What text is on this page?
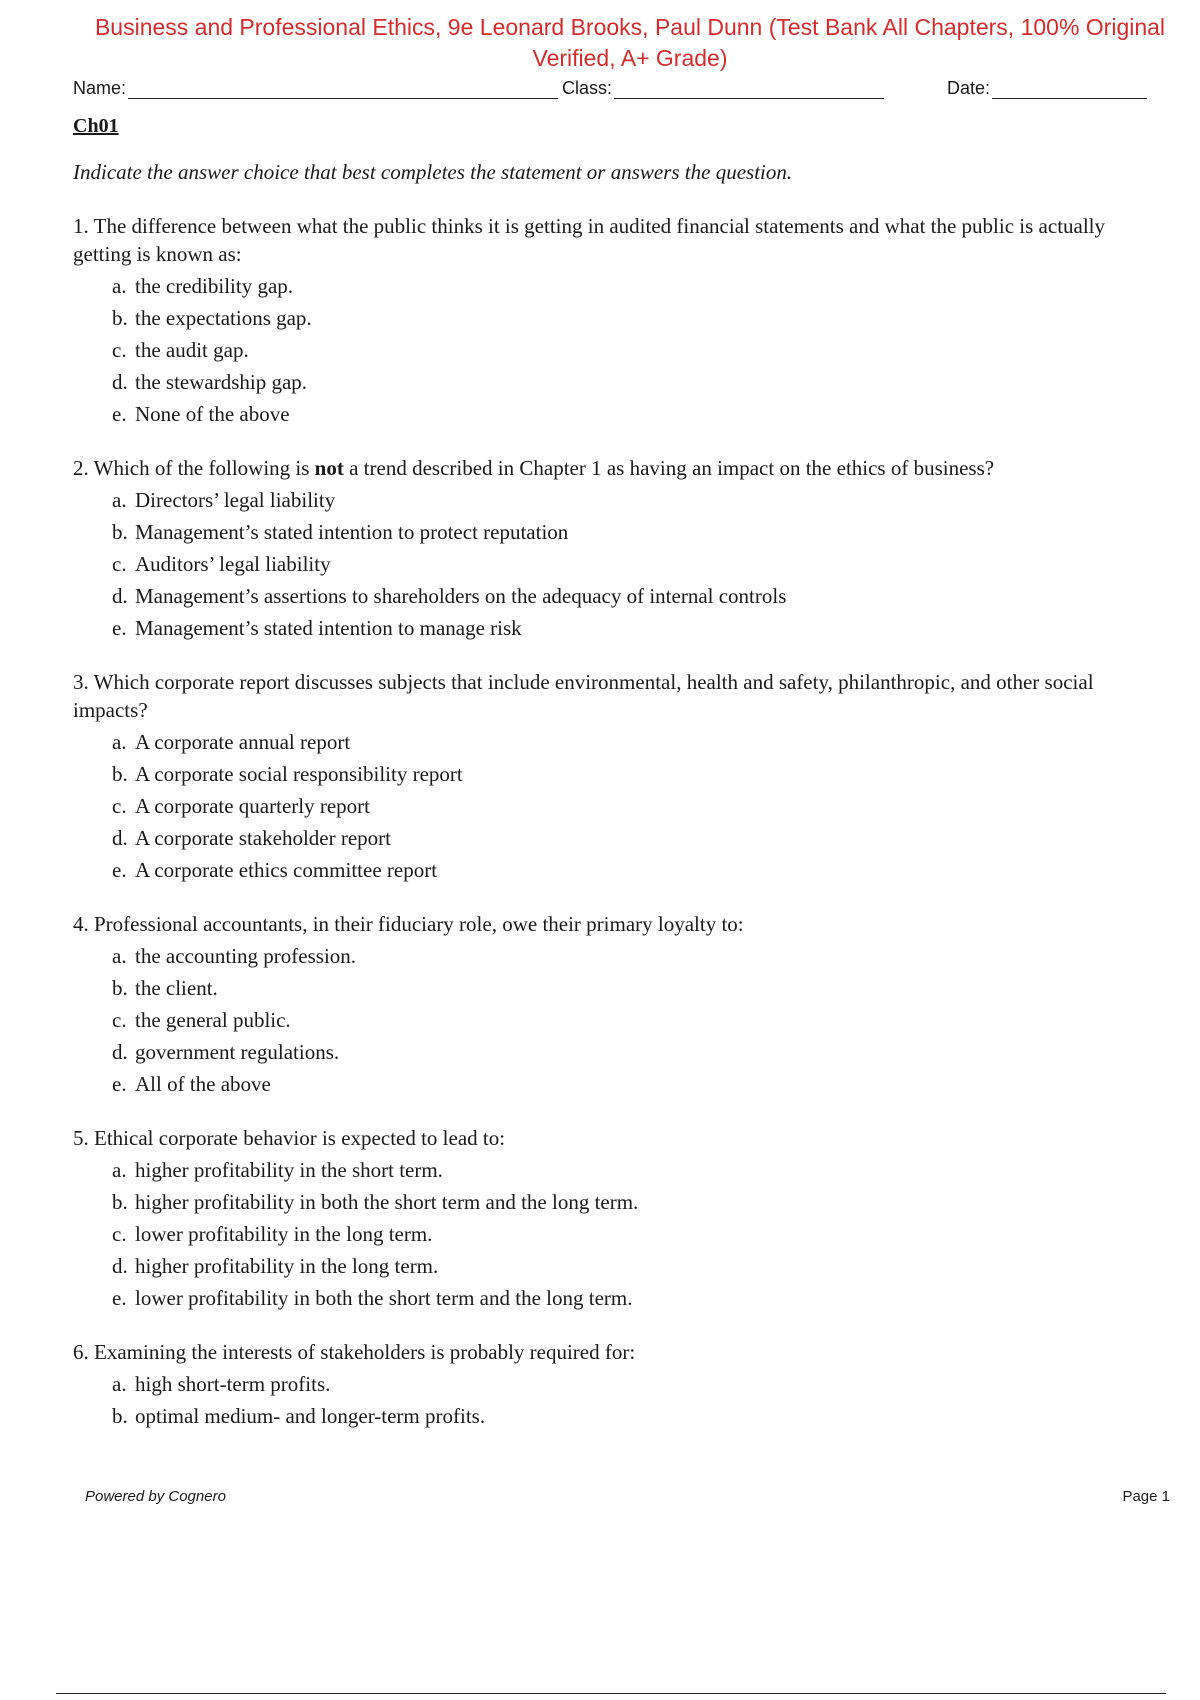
Business and Professional Ethics, 9e Leonard Brooks, Paul Dunn (Test Bank All Chapters, 100% Original Verified, A+ Grade)
Name:	Class:	Date:
Ch01
Indicate the answer choice that best completes the statement or answers the question.

1. The difference between what the public thinks it is getting in audited financial statements and what the public is actually getting is known as:

a. the credibility gap.
b. the expectations gap.
c. the audit gap.
d. the stewardship gap.
e. None of the above

2. Which of the following is not a trend described in Chapter 1 as having an impact on the ethics of business?

a. Directors’ legal liability
b. Management’s stated intention to protect reputation
c. Auditors’ legal liability
d. Management’s assertions to shareholders on the adequacy of internal controls
e. Management’s stated intention to manage risk

3. Which corporate report discusses subjects that include environmental, health and safety, philanthropic, and other social impacts?

a. A corporate annual report
b. A corporate social responsibility report
c. A corporate quarterly report
d. A corporate stakeholder report
e. A corporate ethics committee report

4. Professional accountants, in their fiduciary role, owe their primary loyalty to:

a. the accounting profession.
b. the client.
c. the general public.
d. government regulations.
e. All of the above

5. Ethical corporate behavior is expected to lead to:

a. higher profitability in the short term.
b. higher profitability in both the short term and the long term.
c. lower profitability in the long term.
d. higher profitability in the long term.
e. lower profitability in both the short term and the long term.

6. Examining the interests of stakeholders is probably required for:

a. high short-term profits.
b. optimal medium- and longer-term profits.
Powered by Cognero	Page 1
